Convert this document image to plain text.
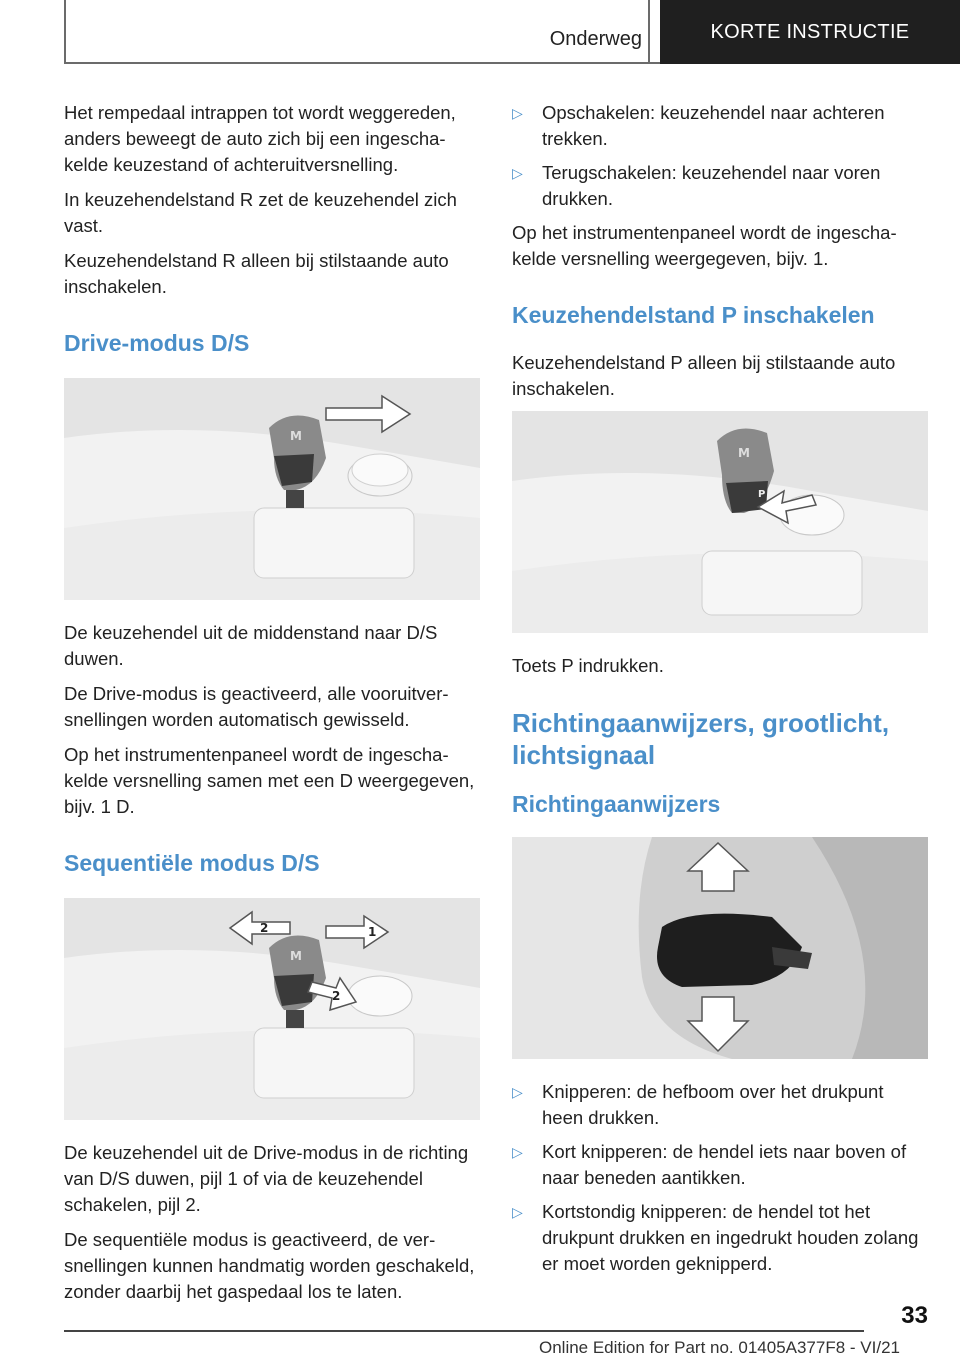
Onderweg	KORTE INSTRUCTIE

Het rempedaal intrappen tot wordt weggereden, anders beweegt de auto zich bij een ingeschakelde keuzestand of achteruitversnelling.

In keuzehendelstand R zet de keuzehendel zich vast.

Keuzehendelstand R alleen bij stilstaande auto inschakelen.

Drive-modus D/S
M

De keuzehendel uit de middenstand naar D/S duwen.

De Drive-modus is geactiveerd, alle vooruitversnellingen worden automatisch gewisseld.

Op het instrumentenpaneel wordt de ingeschakelde versnelling samen met een D weergegeven, bijv. 1 D.

Sequentiële modus D/S
M
1
2
2

De keuzehendel uit de Drive-modus in de richting van D/S duwen, pijl 1 of via de keuzehendel schakelen, pijl 2.

De sequentiële modus is geactiveerd, de versnellingen kunnen handmatig worden geschakeld, zonder daarbij het gaspedaal los te laten.

▷ Opschakelen: keuzehendel naar achteren trekken.
▷ Terugschakelen: keuzehendel naar voren drukken.

Op het instrumentenpaneel wordt de ingeschakelde versnelling weergegeven, bijv. 1.

Keuzehendelstand P inschakelen

Keuzehendelstand P alleen bij stilstaande auto inschakelen.

M
P

Toets P indrukken.

Richtingaanwijzers, grootlicht, lichtsignaal
Richtingaanwijzers
▷ Knipperen: de hefboom over het drukpunt heen drukken.
▷ Kort knipperen: de hendel iets naar boven of naar beneden aantikken.
▷ Kortstondig knipperen: de hendel tot het drukpunt drukken en ingedrukt houden zolang er moet worden geknipperd.
33
Online Edition for Part no. 01405A377F8 - VI/21
